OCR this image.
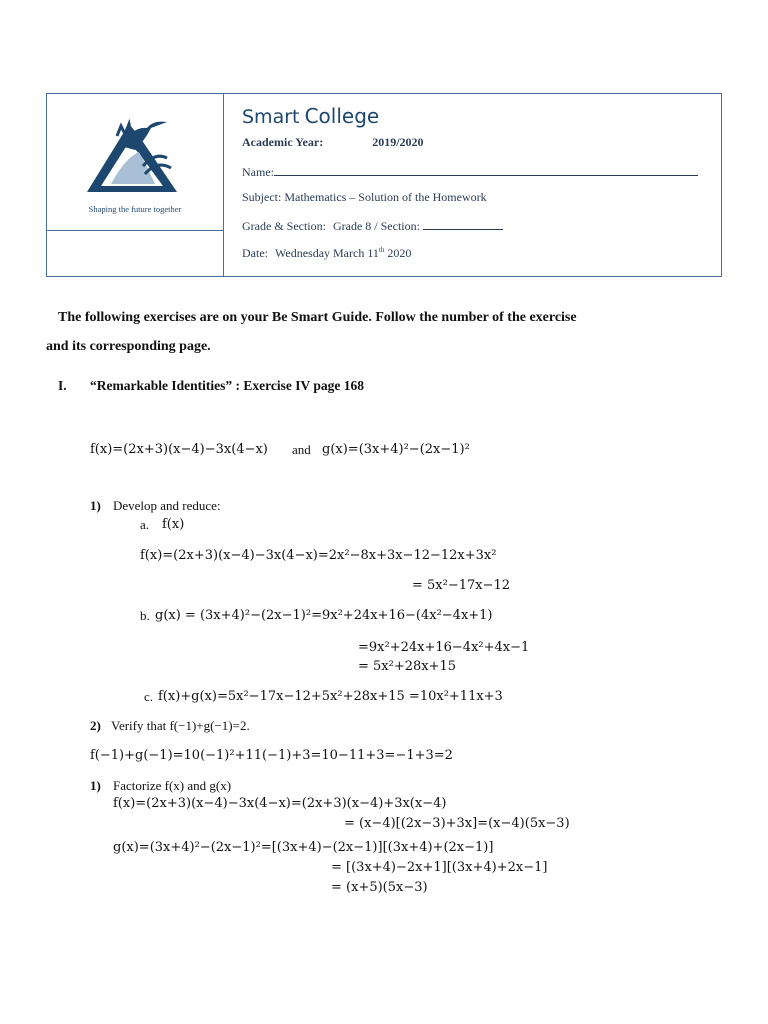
Shaping the future together
Smart College
Academic Year:	2019/2020
Name:
Subject: Mathematics – Solution of the Homework
Grade & Section: Grade 8 / Section:
Date: Wednesday March 11th 2020
The following exercises are on your Be Smart Guide. Follow the number of the exercise
and its corresponding page.
I. “Remarkable Identities” : Exercise IV page 168
f(x)=(2x+3)(x−4)−3x(4−x) and g(x)=(3x+4)²−(2x−1)²
1) Develop and reduce:
a. f(x)
f(x)=(2x+3)(x−4)−3x(4−x)=2x²−8x+3x−12−12x+3x²
= 5x²−17x−12
b. g(x) = (3x+4)²−(2x−1)²=9x²+24x+16−(4x²−4x+1)
=9x²+24x+16−4x²+4x−1
= 5x²+28x+15
c. f(x)+g(x)=5x²−17x−12+5x²+28x+15 =10x²+11x+3
2) Verify that f(−1)+g(−1)=2.
f(−1)+g(−1)=10(−1)²+11(−1)+3=10−11+3=−1+3=2
1) Factorize f(x) and g(x)
f(x)=(2x+3)(x−4)−3x(4−x)=(2x+3)(x−4)+3x(x−4)
= (x−4)[(2x−3)+3x]=(x−4)(5x−3)
g(x)=(3x+4)²−(2x−1)²=[(3x+4)−(2x−1)][(3x+4)+(2x−1)]
= [(3x+4)−2x+1][(3x+4)+2x−1]
= (x+5)(5x−3)
